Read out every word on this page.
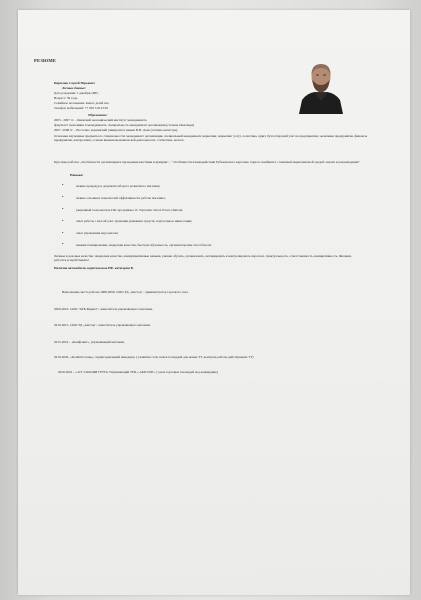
РЕЗЮМЕ
Кирилюк Сергей Юрьевич
Личные данные:
Дата рождения: 1 декабря,1985,
Возраст: 39 года,
Семейное положение: женат, детей нет,
Телефон мобильный: +7 959 518 23 09
Образование:
2003 - 2007 гг. – Киевский экономический институт менеджмента,
факультет экономики и менеджмента, специальность менеджмент организации (степень бакалавра)
2007- 2008 гг. – Восточно украинский университет имени В.И. Даля (степень магистра),
Основные изученные предметы по специальности: менеджмент организации, специальный менеджмент, маркетинг, маркетинг услуг, логистика, аудит, бухгалтерский учет на предприятии, экономика предприятия, финансы предприятия, контроллинг, основы внешнеэкономической деятельности, статистика, налоги.
Курсовые работы: „Особенности организации и проведения выставки и ярмарки" , " Особенности взаимодействия Рубежанского картонно тарного комбината с внешней маркетинговой средой: анализ и рекомендации"
Навыки:
• знание процедур и документооборота розничного магазина;
• знание основных показателей эффективности работы магазина;
• уверенный пользователь ПК: программы 1С Торговля, Word, Excel, Outlook;
• опыт работы с кассой учет, хранения денежных средств, подготовка к инкассации;
• опыт управления персоналом;
• навыки планирования, лидерские качества, быстрая обучаемость, организаторские способности.
Личные и деловые качества: лидерские качества, коммуникативные навыки, умение обучать, организовать, мотивировать и контролировать персонал, пунктуальность, ответственность, инициативность. Желание работать и зарабатывать!
Наличие автомобиля, водительское РФ- категория В.
Выполнение места работы 2008-2009- ООО ТД „Амстор" , администратор торгового зала.
2009-2010- ООО "АТБ-Маркет", заместитель управляющего магазина.
2010-2015- ООО ТД „Амстор", заместитель управляющего магазина.
2015-2019 – «Комфокит», управляющий магазина.
2019-2020- «Kodium Group», территориальный менеджер. ( развитие сети, поиск площадей для новых ТТ, контроль работы действующих ТТ)
2020-2022 - « ICT СОЛОЦИ ГРУП» Управляющий ТРЦ « АМСТОР» ( сдача торговых площадей под коммерцию)
